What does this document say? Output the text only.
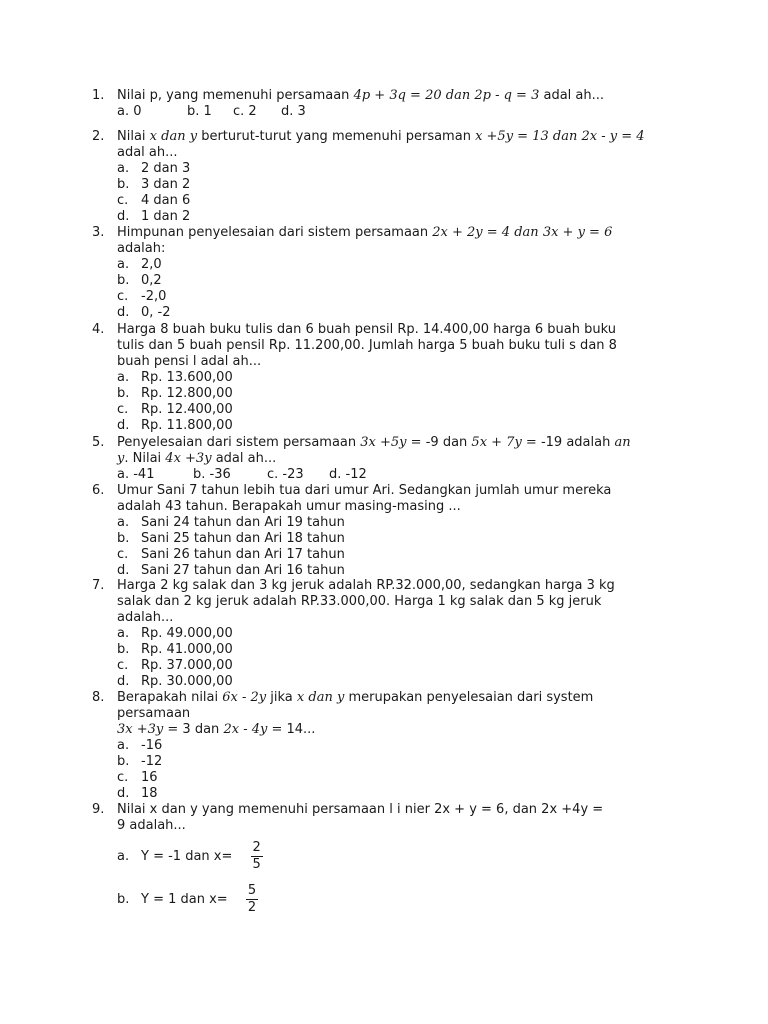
1. Nilai p, yang memenuhi persamaan 4p + 3q = 20 dan 2p - q = 3 adal ah...
a. 0	b. 1 c. 2 d. 3
2. Nilai x dan y berturut-turut yang memenuhi persaman x +5y = 13 dan 2x - y = 4
adal ah...
a. 2 dan 3
b. 3 dan 2
c. 4 dan 6
d. 1 dan 2
3. Himpunan penyelesaian dari sistem persamaan 2x + 2y = 4 dan 3x + y = 6
adalah:
a. 2,0
b. 0,2
c. -2,0
d. 0, -2
4. Harga 8 buah buku tulis dan 6 buah pensil Rp. 14.400,00 harga 6 buah buku
tulis dan 5 buah pensil Rp. 11.200,00. Jumlah harga 5 buah buku tuli s dan 8
buah pensi l adal ah...
a. Rp. 13.600,00
b. Rp. 12.800,00
c. Rp. 12.400,00
d. Rp. 11.800,00
5. Penyelesaian dari sistem persamaan 3x +5y = -9 dan 5x + 7y = -19 adalah an
y. Nilai 4x +3y adal ah...
a. -41	b. -36	c. -23 d. -12
6. Umur Sani 7 tahun lebih tua dari umur Ari. Sedangkan jumlah umur mereka
adalah 43 tahun. Berapakah umur masing-masing ...
a. Sani 24 tahun dan Ari 19 tahun
b. Sani 25 tahun dan Ari 18 tahun
c. Sani 26 tahun dan Ari 17 tahun
d. Sani 27 tahun dan Ari 16 tahun
7. Harga 2 kg salak dan 3 kg jeruk adalah RP.32.000,00, sedangkan harga 3 kg
salak dan 2 kg jeruk adalah RP.33.000,00. Harga 1 kg salak dan 5 kg jeruk
adalah...
a. Rp. 49.000,00
b. Rp. 41.000,00
c. Rp. 37.000,00
d. Rp. 30.000,00
8. Berapakah nilai 6x - 2y jika x dan y merupakan penyelesaian dari system
persamaan
3x +3y = 3 dan 2x - 4y = 14...
a. -16
b. -12
c. 16
d. 18
9. Nilai x dan y yang memenuhi persamaan l i nier 2x + y = 6, dan 2x +4y =
9 adalah...
a. Y = -1 dan $x= \frac{2}{5}$
b. Y = 1 dan $x= \frac{5}{2}$
